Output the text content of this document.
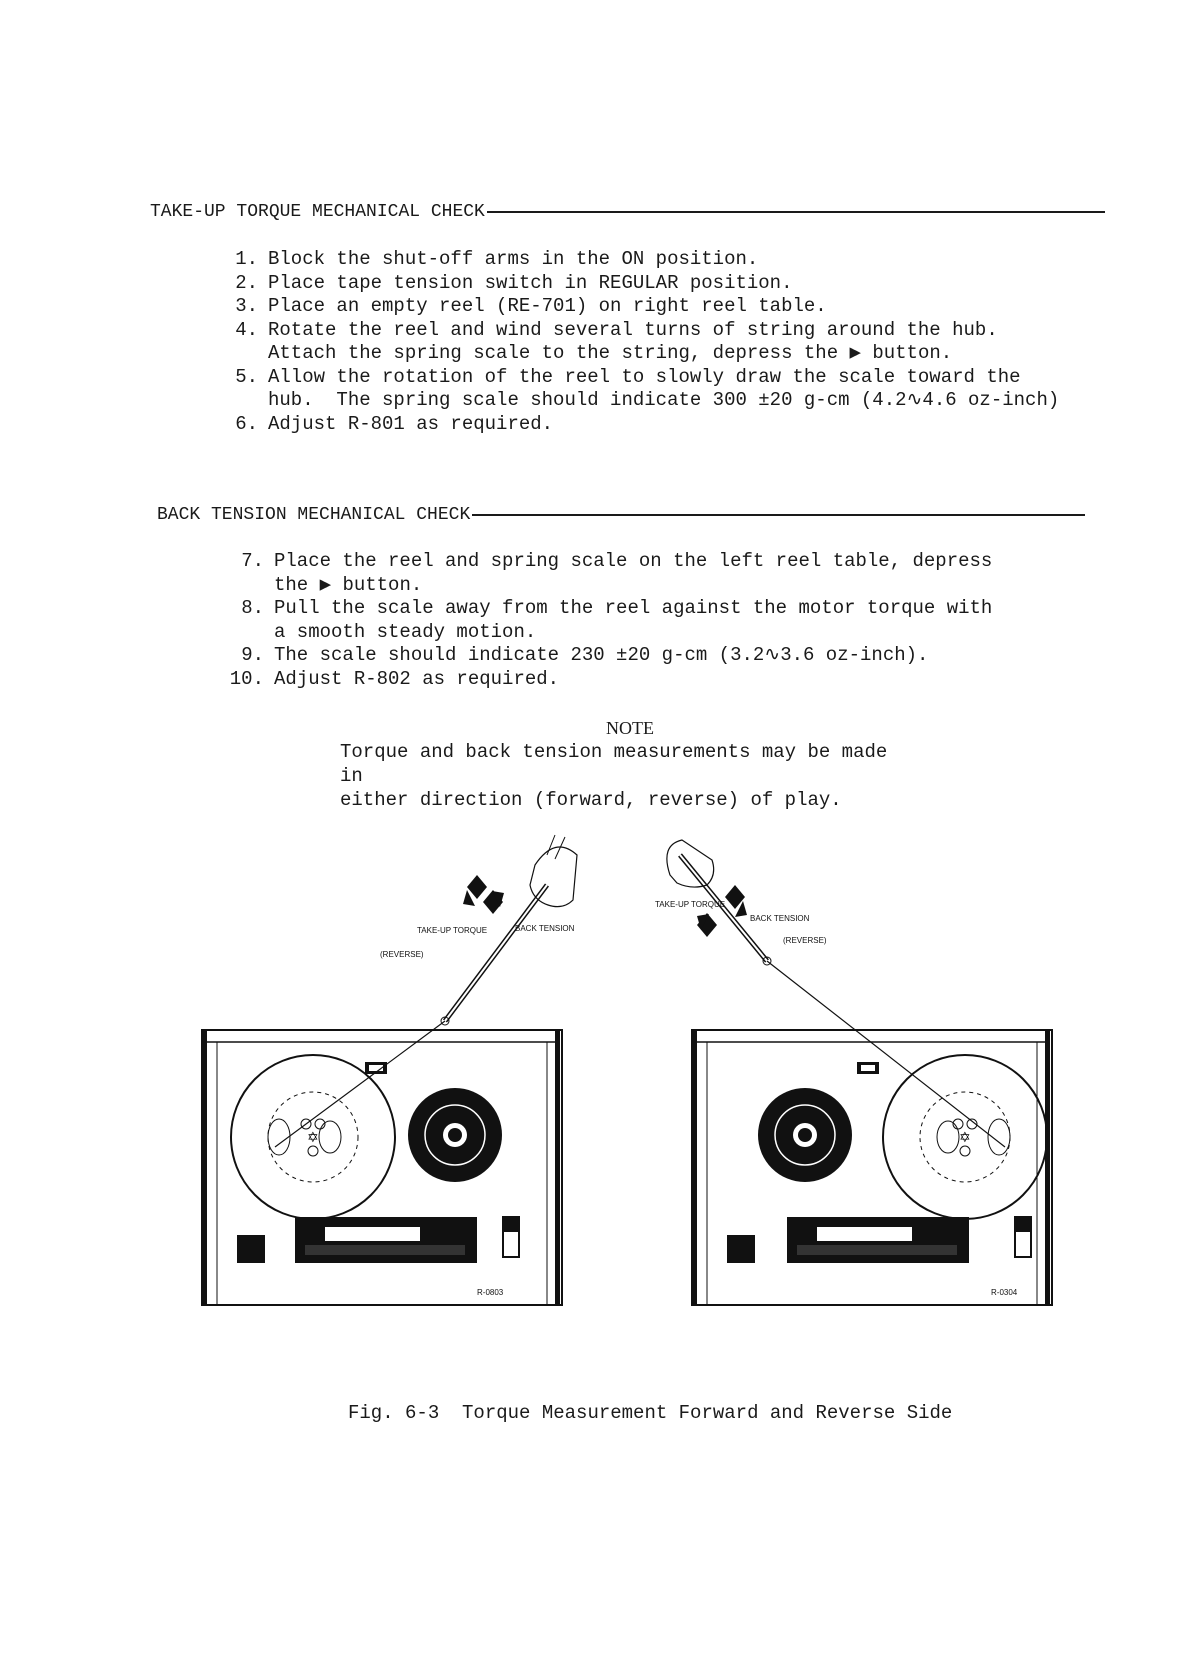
TAKE-UP TORQUE MECHANICAL CHECK
1. Block the shut-off arms in the ON position.
2. Place tape tension switch in REGULAR position.
3. Place an empty reel (RE-701) on right reel table.
4. Rotate the reel and wind several turns of string around the hub.
Attach the spring scale to the string, depress the ▶ button.
5. Allow the rotation of the reel to slowly draw the scale toward the
hub.  The spring scale should indicate 300 ±20 g-cm (4.2∿4.6 oz-inch)
6. Adjust R-801 as required.
BACK TENSION MECHANICAL CHECK
7. Place the reel and spring scale on the left reel table, depress
the ▶ button.
8. Pull the scale away from the reel against the motor torque with
a smooth steady motion.
9. The scale should indicate 230 ±20 g-cm (3.2∿3.6 oz-inch).
10. Adjust R-802 as required.
NOTE
Torque and back tension measurements may be made in
either direction (forward, reverse) of play.
✡
TAKE-UP TORQUE	BACK TENSION
(REVERSE)
R-0803
✡
TAKE-UP TORQUE
BACK TENSION
(REVERSE)
R-0304
Fig. 6-3  Torque Measurement Forward and Reverse Side
